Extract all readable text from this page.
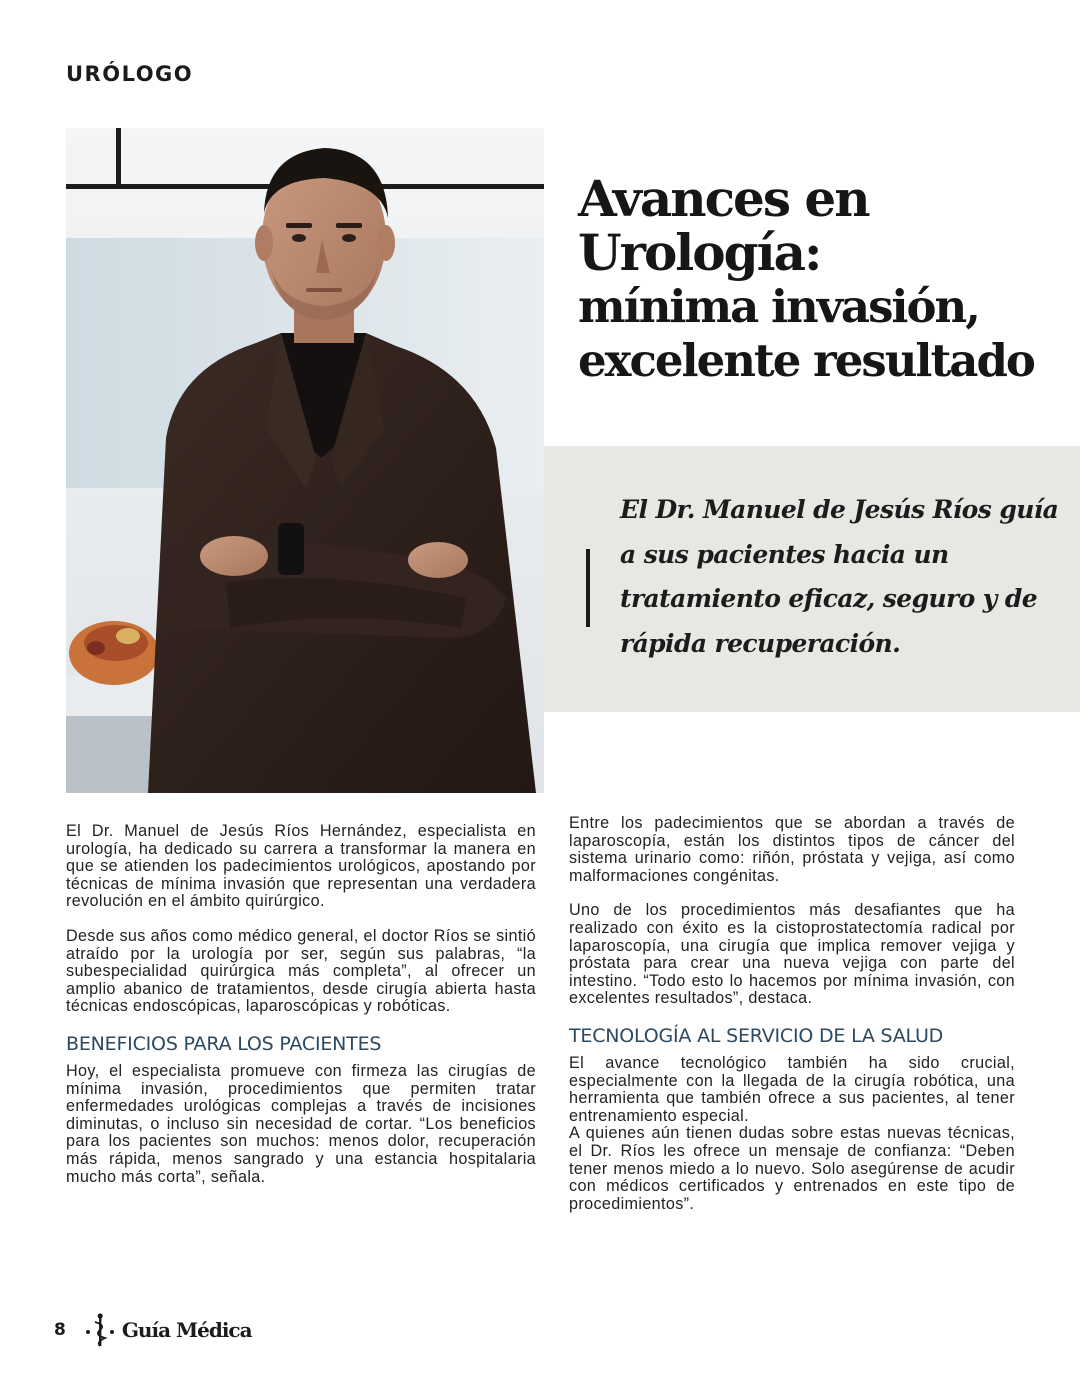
URÓLOGO
Avances en
Urología:
mínima invasión,
excelente resultado
El Dr. Manuel de Jesús Ríos guía a sus pacientes hacia un tratamiento eficaz, seguro y de rápida recuperación.

El Dr. Manuel de Jesús Ríos Hernández, especialista en urología, ha dedicado su carrera a transformar la manera en que se atienden los padecimientos urológicos, apostando por técnicas de mínima invasión que representan una verdadera revolución en el ámbito quirúrgico.

Desde sus años como médico general, el doctor Ríos se sintió atraído por la urología por ser, según sus palabras, “la subespecialidad quirúrgica más completa”, al ofrecer un amplio abanico de tratamientos, desde cirugía abierta hasta técnicas endoscópicas, laparoscópicas y robóticas.

BENEFICIOS PARA LOS PACIENTES

Hoy, el especialista promueve con firmeza las cirugías de mínima invasión, procedimientos que permiten tratar enfermedades urológicas complejas a través de incisiones diminutas, o incluso sin necesidad de cortar. “Los beneficios para los pacientes son muchos: menos dolor, recuperación más rápida, menos sangrado y una estancia hospitalaria mucho más corta”, señala.

Entre los padecimientos que se abordan a través de laparoscopía, están los distintos tipos de cáncer del sistema urinario como: riñón, próstata y vejiga, así como malformaciones congénitas.

Uno de los procedimientos más desafiantes que ha realizado con éxito es la cistoprostatectomía radical por laparoscopía, una cirugía que implica remover vejiga y próstata para crear una nueva vejiga con parte del intestino. “Todo esto lo hacemos por mínima invasión, con excelentes resultados”, destaca.

TECNOLOGÍA AL SERVICIO DE LA SALUD

El avance tecnológico también ha sido crucial, especialmente con la llegada de la cirugía robótica, una herramienta que también ofrece a sus pacientes, al tener entrenamiento especial.

A quienes aún tienen dudas sobre estas nuevas técnicas, el Dr. Ríos les ofrece un mensaje de confianza: “Deben tener menos miedo a lo nuevo. Solo asegúrense de acudir con médicos certificados y entrenados en este tipo de procedimientos”.

8	Guía Médica
